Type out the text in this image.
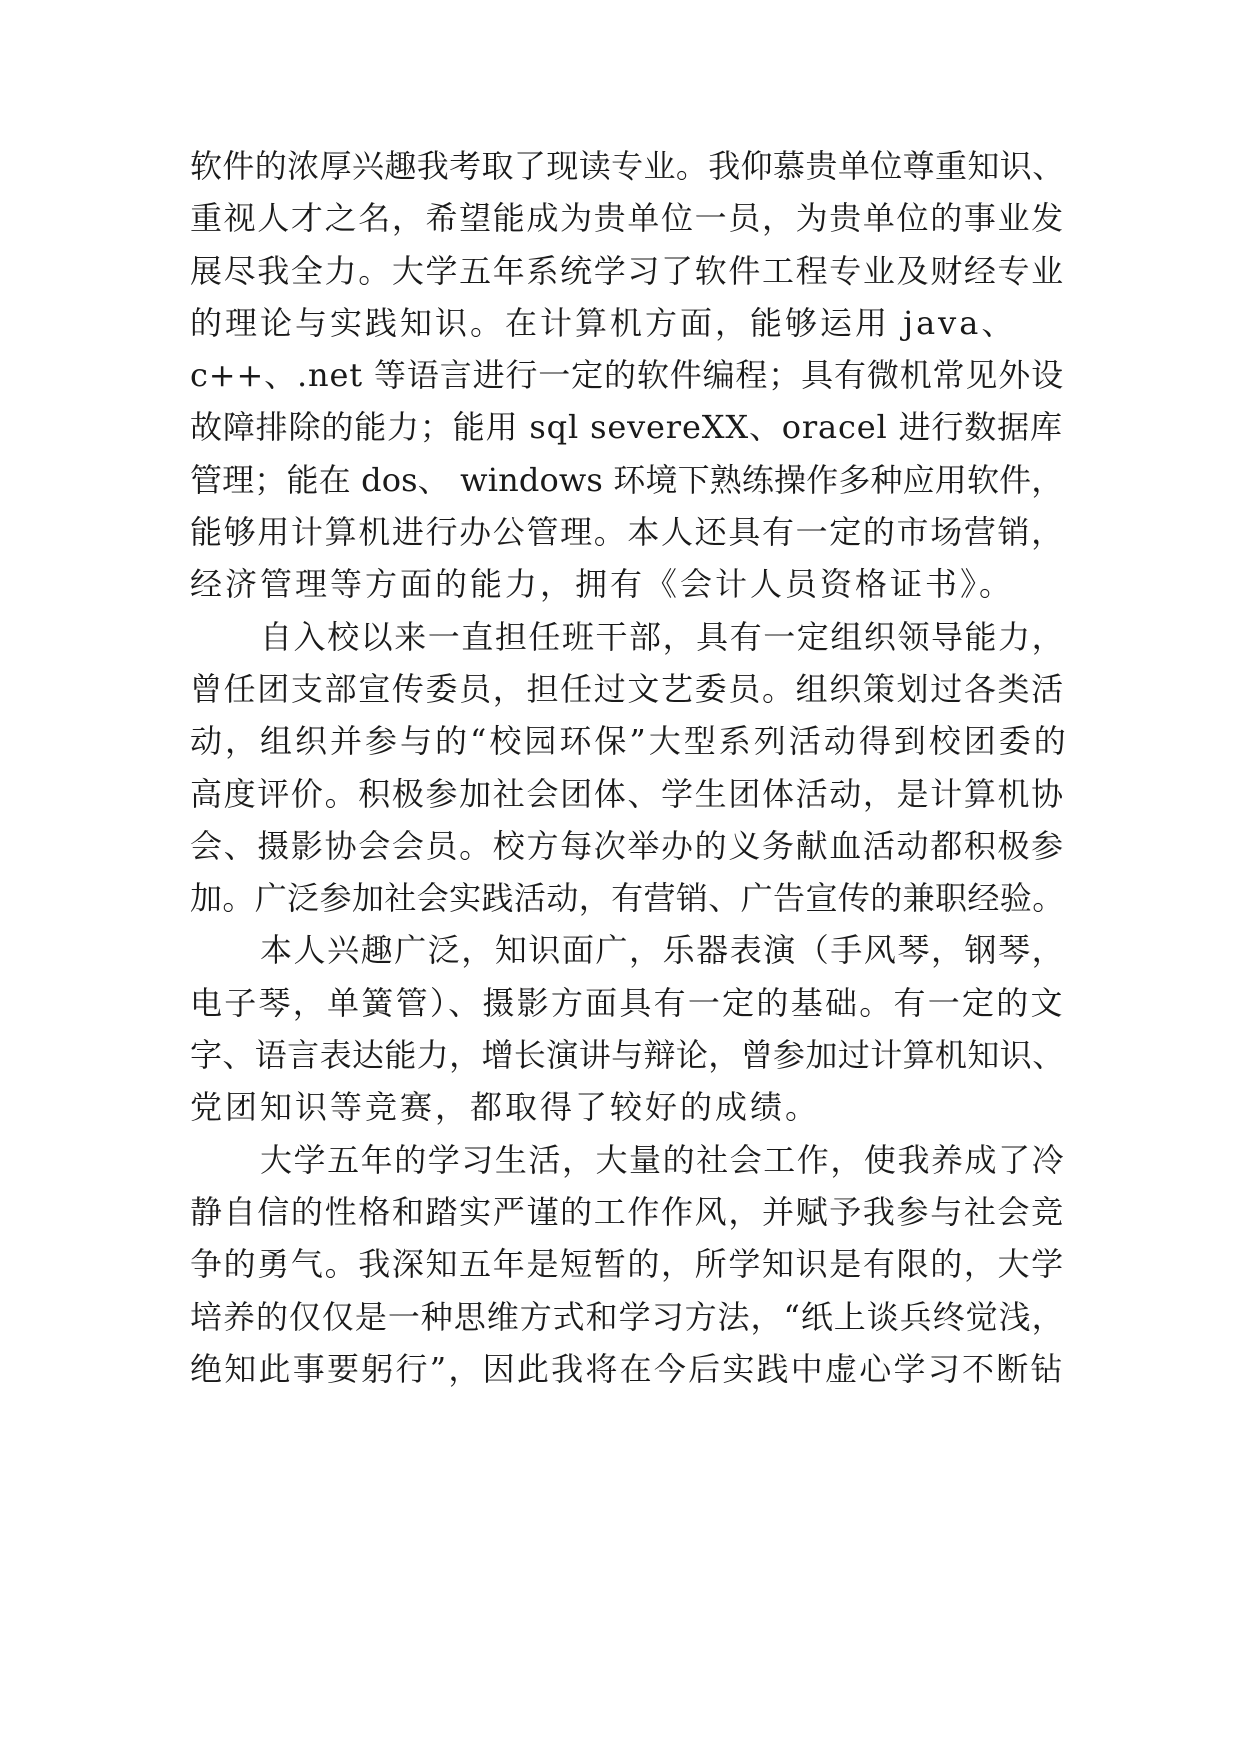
软件的浓厚兴趣我考取了现读专业。我仰慕贵单位尊重知识、
重视人才之名，希望能成为贵单位一员，为贵单位的事业发
展尽我全力。大学五年系统学习了软件工程专业及财经专业
的理论与实践知识。在计算机方面，能够运用 java、
c++、.net 等语言进行一定的软件编程；具有微机常见外设
故障排除的能力；能用 sql severeXX、oracel 进行数据库
管理；能在 dos、 windows 环境下熟练操作多种应用软件，
能够用计算机进行办公管理。本人还具有一定的市场营销，
经济管理等方面的能力，拥有《会计人员资格证书》。
自入校以来一直担任班干部，具有一定组织领导能力，
曾任团支部宣传委员，担任过文艺委员。组织策划过各类活
动，组织并参与的“校园环保”大型系列活动得到校团委的
高度评价。积极参加社会团体、学生团体活动，是计算机协
会、摄影协会会员。校方每次举办的义务献血活动都积极参
加。广泛参加社会实践活动，有营销、广告宣传的兼职经验。
本人兴趣广泛，知识面广，乐器表演（手风琴，钢琴，
电子琴，单簧管）、摄影方面具有一定的基础。有一定的文
字、语言表达能力，增长演讲与辩论，曾参加过计算机知识、
党团知识等竞赛，都取得了较好的成绩。
大学五年的学习生活，大量的社会工作，使我养成了冷
静自信的性格和踏实严谨的工作作风，并赋予我参与社会竞
争的勇气。我深知五年是短暂的，所学知识是有限的，大学
培养的仅仅是一种思维方式和学习方法，“纸上谈兵终觉浅，
绝知此事要躬行”，因此我将在今后实践中虚心学习不断钻
